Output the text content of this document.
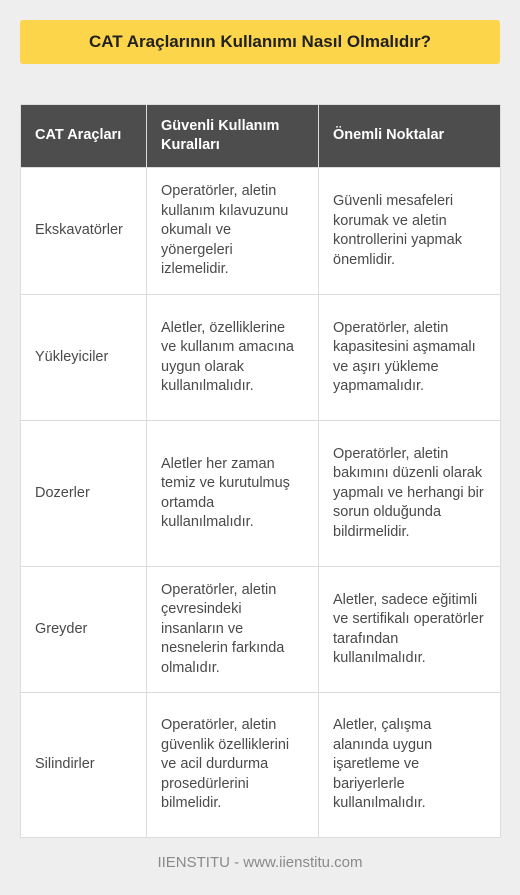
CAT Araçlarının Kullanımı Nasıl Olmalıdır?
CAT Araçları	Güvenli Kullanım Kuralları	Önemli Noktalar
Ekskavatörler	Operatörler, aletin kullanım kılavuzunu okumalı ve yönergeleri izlemelidir.	Güvenli mesafeleri korumak ve aletin kontrollerini yapmak önemlidir.
Yükleyiciler	Aletler, özelliklerine ve kullanım amacına uygun olarak kullanılmalıdır.	Operatörler, aletin kapasitesini aşmamalı ve aşırı yükleme yapmamalıdır.
Dozerler	Aletler her zaman temiz ve kurutulmuş ortamda kullanılmalıdır.	Operatörler, aletin bakımını düzenli olarak yapmalı ve herhangi bir sorun olduğunda bildirmelidir.
Greyder	Operatörler, aletin çevresindeki insanların ve nesnelerin farkında olmalıdır.	Aletler, sadece eğitimli ve sertifikalı operatörler tarafından kullanılmalıdır.
Silindirler	Operatörler, aletin güvenlik özelliklerini ve acil durdurma prosedürlerini bilmelidir.	Aletler, çalışma alanında uygun işaretleme ve bariyerlerle kullanılmalıdır.
IIENSTITU - www.iienstitu.com
